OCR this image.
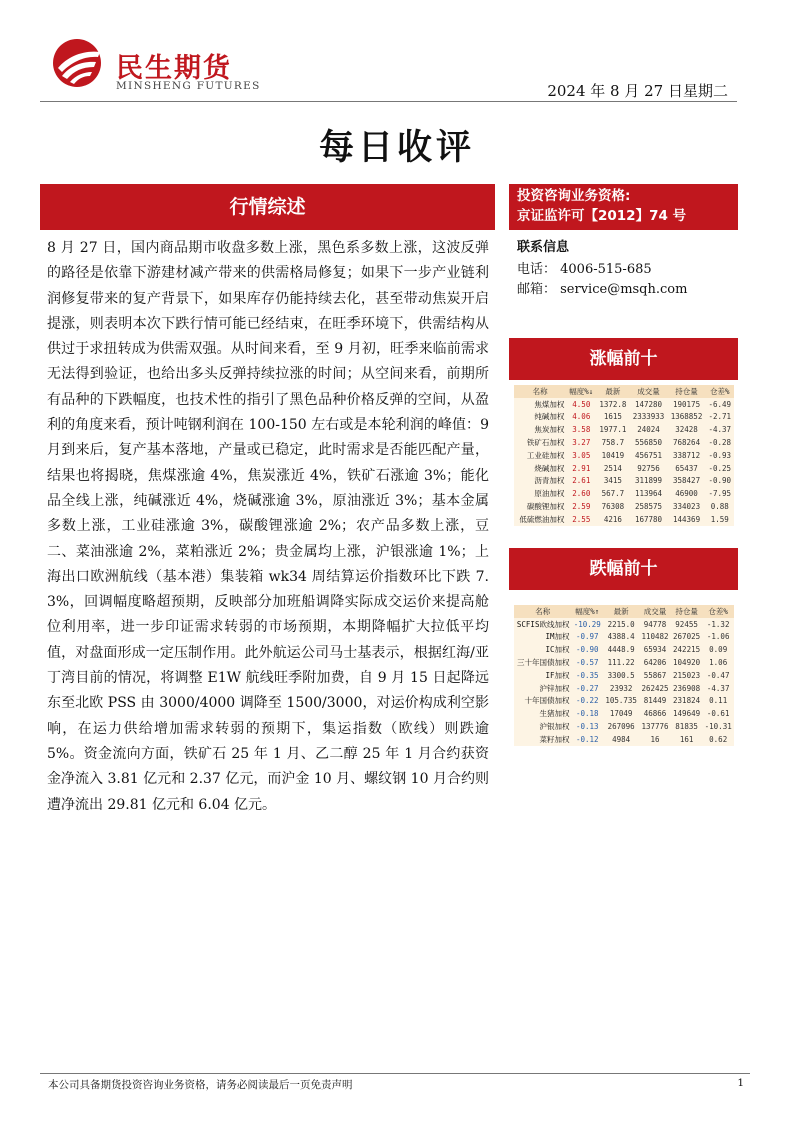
民生期货
MINSHENG FUTURES	2024 年 8 月 27 日星期二
每日收评
行情综述
8 月 27 日，国内商品期市收盘多数上涨，黑色系多数上涨，这波反弹的路径是依靠下游建材减产带来的供需格局修复；如果下一步产业链利润修复带来的复产背景下，如果库存仍能持续去化，甚至带动焦炭开启提涨，则表明本次下跌行情可能已经结束，在旺季环境下，供需结构从供过于求扭转成为供需双强。从时间来看，至 9 月初，旺季来临前需求无法得到验证，也给出多头反弹持续拉涨的时间；从空间来看，前期所有品种的下跌幅度，也技术性的指引了黑色品种价格反弹的空间，从盈利的角度来看，预计吨钢利润在 100-150 左右或是本轮利润的峰值：9 月到来后，复产基本落地，产量或已稳定，此时需求是否能匹配产量，结果也将揭晓，焦煤涨逾 4%，焦炭涨近 4%，铁矿石涨逾 3%；能化品全线上涨，纯碱涨近 4%，烧碱涨逾 3%，原油涨近 3%；基本金属多数上涨，工业硅涨逾 3%，碳酸锂涨逾 2%；农产品多数上涨，豆二、菜油涨逾 2%，菜粕涨近 2%；贵金属均上涨，沪银涨逾 1%；上海出口欧洲航线（基本港）集装箱 wk34 周结算运价指数环比下跌 7.3%，回调幅度略超预期，反映部分加班船调降实际成交运价来提高舱位利用率，进一步印证需求转弱的市场预期，本期降幅扩大拉低平均值，对盘面形成一定压制作用。此外航运公司马士基表示，根据红海/亚丁湾目前的情况，将调整 E1W 航线旺季附加费，自 9 月 15 日起降远东至北欧 PSS 由 3000/4000 调降至 1500/3000，对运价构成利空影响，在运力供给增加需求转弱的预期下，集运指数（欧线）则跌逾 5%。资金流向方面，铁矿石 25 年 1 月、乙二醇 25 年 1 月合约获资金净流入 3.81 亿元和 2.37 亿元，而沪金 10 月、螺纹钢 10 月合约则遭净流出 29.81 亿元和 6.04 亿元。
投资咨询业务资格:
京证监许可【2012】74 号
联系信息
电话： 4006-515-685
邮箱： service@msqh.com
涨幅前十
名称	幅度%↓	最新	成交量	持仓量	仓差%
焦煤加权	4.50	1372.8	147280	190175	-6.49
纯碱加权	4.06	1615	2333933	1368852	-2.71
焦炭加权	3.58	1977.1	24024	32428	-4.37
铁矿石加权	3.27	758.7	556850	768264	-0.28
工业硅加权	3.05	10419	456751	338712	-0.93
烧碱加权	2.91	2514	92756	65437	-0.25
沥青加权	2.61	3415	311899	358427	-0.90
原油加权	2.60	567.7	113964	46900	-7.95
碳酸锂加权	2.59	76308	258575	334023	0.88
低硫燃油加权	2.55	4216	167780	144369	1.59
跌幅前十
名称	幅度%↑	最新	成交量	持仓量	仓差%
SCFIS欧线加权	-10.29	2215.0	94778	92455	-1.32
IM加权	-0.97	4388.4	110482	267025	-1.06
IC加权	-0.90	4448.9	65934	242215	0.09
三十年国债加权	-0.57	111.22	64206	104920	1.06
IF加权	-0.35	3300.5	55867	215023	-0.47
沪锌加权	-0.27	23932	262425	236908	-4.37
十年国债加权	-0.22	105.735	81449	231824	0.11
生猪加权	-0.18	17049	46866	149649	-0.61
沪银加权	-0.13	267096	137776	81835	-10.31
菜籽加权	-0.12	4984	16	161	0.62
本公司具备期货投资咨询业务资格，请务必阅读最后一页免责声明	1
